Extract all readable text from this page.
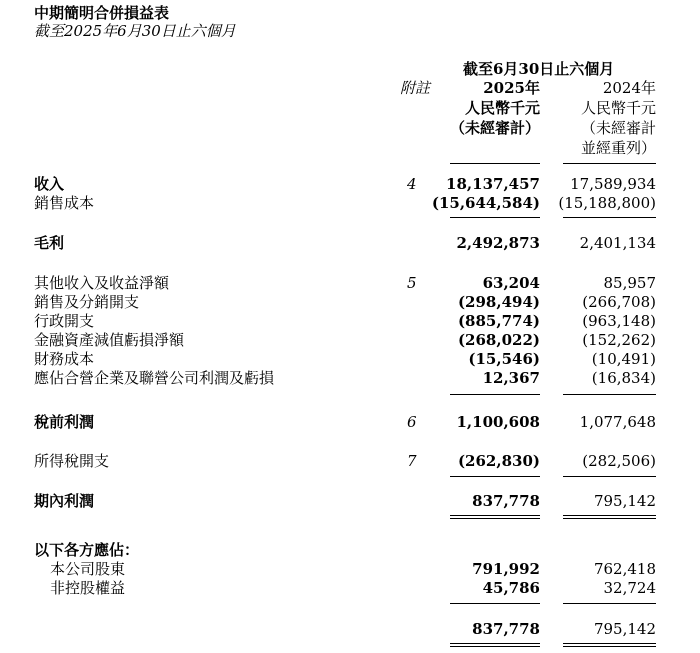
中期簡明合併損益表
截至2025年6月30日止六個月
截至6月30日止六個月
附註	2025年
人民幣千元
（未經審計）
2024年
人民幣千元
（未經審計
並經重列）
收入	4 18,137,457 17,589,934
銷售成本	(15,644,584) (15,188,800)
毛利	2,492,873	2,401,134
其他收入及收益淨額	5	63,204	85,957
銷售及分銷開支	(298,494)	(266,708)
行政開支	(885,774)	(963,148)
金融資產減值虧損淨額	(268,022)	(152,262)
財務成本	(15,546)	(10,491)
應佔合營企業及聯營公司利潤及虧損	12,367	(16,834)
稅前利潤	6	1,100,608	1,077,648
所得稅開支	7	(262,830)	(282,506)
期內利潤	837,778	795,142
以下各方應佔：
本公司股東	791,992	762,418
非控股權益	45,786	32,724
837,778	795,142
